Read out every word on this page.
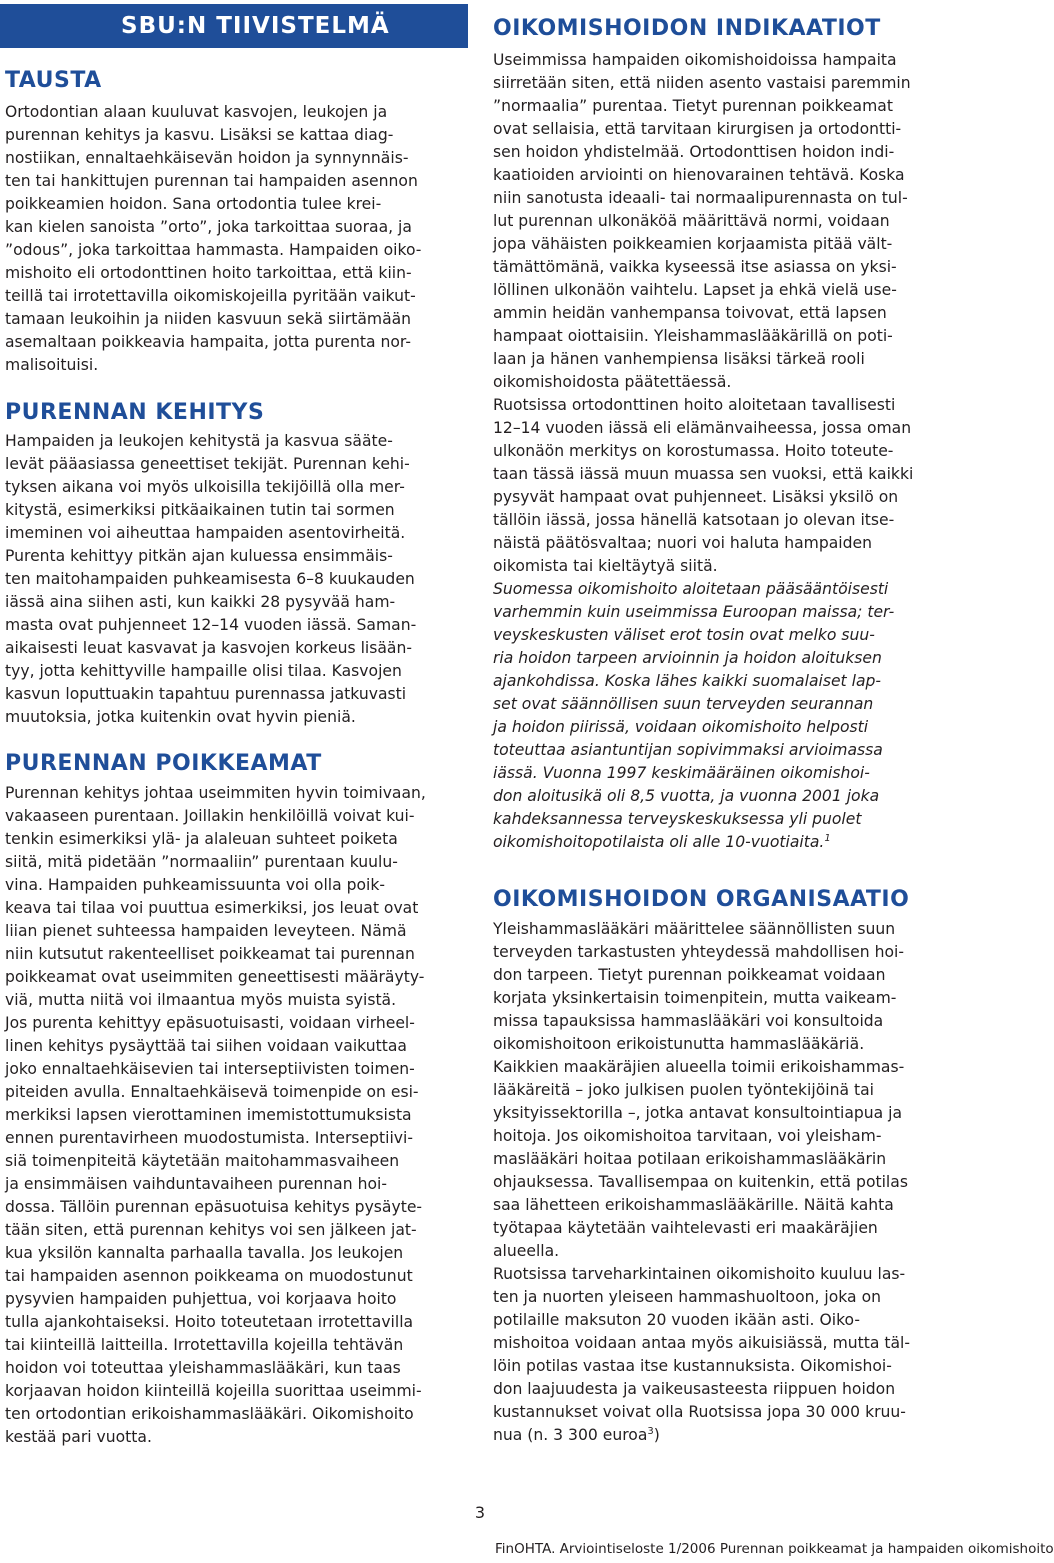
SBU:N TIIVISTELMÄ
TAUSTA

Ortodontian alaan kuuluvat kasvojen, leukojen ja
purennan kehitys ja kasvu. Lisäksi se kattaa diag-
nostiikan, ennaltaehkäisevän hoidon ja synnynnäis-
ten tai hankittujen purennan tai hampaiden asennon
poikkeamien hoidon. Sana ortodontia tulee krei-
kan kielen sanoista ”orto”, joka tarkoittaa suoraa, ja
”odous”, joka tarkoittaa hammasta. Hampaiden oiko-
mishoito eli ortodonttinen hoito tarkoittaa, että kiin-
teillä tai irrotettavilla oikomiskojeilla pyritään vaikut-
tamaan leukoihin ja niiden kasvuun sekä siirtämään
asemaltaan poikkeavia hampaita, jotta purenta nor-
malisoituisi.

PURENNAN KEHITYS

Hampaiden ja leukojen kehitystä ja kasvua sääte-
levät pääasiassa geneettiset tekijät. Purennan kehi-
tyksen aikana voi myös ulkoisilla tekijöillä olla mer-
kitystä, esimerkiksi pitkäaikainen tutin tai sormen
imeminen voi aiheuttaa hampaiden asentovirheitä.
Purenta kehittyy pitkän ajan kuluessa ensimmäis-
ten maitohampaiden puhkeamisesta 6–8 kuukauden
iässä aina siihen asti, kun kaikki 28 pysyvää ham-
masta ovat puhjenneet 12–14 vuoden iässä. Saman-
aikaisesti leuat kasvavat ja kasvojen korkeus lisään-
tyy, jotta kehittyville hampaille olisi tilaa. Kasvojen
kasvun loputtuakin tapahtuu purennassa jatkuvasti
muutoksia, jotka kuitenkin ovat hyvin pieniä.

PURENNAN POIKKEAMAT

Purennan kehitys johtaa useimmiten hyvin toimivaan,
vakaaseen purentaan. Joillakin henkilöillä voivat kui-
tenkin esimerkiksi ylä- ja alaleuan suhteet poiketa
siitä, mitä pidetään ”normaaliin” purentaan kuulu-
vina. Hampaiden puhkeamissuunta voi olla poik-
keava tai tilaa voi puuttua esimerkiksi, jos leuat ovat
liian pienet suhteessa hampaiden leveyteen. Nämä
niin kutsutut rakenteelliset poikkeamat tai purennan
poikkeamat ovat useimmiten geneettisesti määräyty-
viä, mutta niitä voi ilmaantua myös muista syistä.
Jos purenta kehittyy epäsuotuisasti, voidaan virheel-
linen kehitys pysäyttää tai siihen voidaan vaikuttaa
joko ennaltaehkäisevien tai interseptiivisten toimen-
piteiden avulla. Ennaltaehkäisevä toimenpide on esi-
merkiksi lapsen vierottaminen imemistottumuksista
ennen purentavirheen muodostumista. Interseptiivi-
siä toimenpiteitä käytetään maitohammasvaiheen
ja ensimmäisen vaihduntavaiheen purennan hoi-
dossa. Tällöin purennan epäsuotuisa kehitys pysäyte-
tään siten, että purennan kehitys voi sen jälkeen jat-
kua yksilön kannalta parhaalla tavalla. Jos leukojen
tai hampaiden asennon poikkeama on muodostunut
pysyvien hampaiden puhjettua, voi korjaava hoito
tulla ajankohtaiseksi. Hoito toteutetaan irrotettavilla
tai kiinteillä laitteilla. Irrotettavilla kojeilla tehtävän
hoidon voi toteuttaa yleishammaslääkäri, kun taas
korjaavan hoidon kiinteillä kojeilla suorittaa useimmi-
ten ortodontian erikoishammaslääkäri. Oikomishoito
kestää pari vuotta.

OIKOMISHOIDON INDIKAATIOT

Useimmissa hampaiden oikomishoidoissa hampaita
siirretään siten, että niiden asento vastaisi paremmin
”normaalia” purentaa. Tietyt purennan poikkeamat
ovat sellaisia, että tarvitaan kirurgisen ja ortodontti-
sen hoidon yhdistelmää. Ortodonttisen hoidon indi-
kaatioiden arviointi on hienovarainen tehtävä. Koska
niin sanotusta ideaali- tai normaalipurennasta on tul-
lut purennan ulkonäköä määrittävä normi, voidaan
jopa vähäisten poikkeamien korjaamista pitää vält-
tämättömänä, vaikka kyseessä itse asiassa on yksi-
löllinen ulkonäön vaihtelu. Lapset ja ehkä vielä use-
ammin heidän vanhempansa toivovat, että lapsen
hampaat oiottaisiin. Yleishammaslääkärillä on poti-
laan ja hänen vanhempiensa lisäksi tärkeä rooli
oikomishoidosta päätettäessä.
Ruotsissa ortodonttinen hoito aloitetaan tavallisesti
12–14 vuoden iässä eli elämänvaiheessa, jossa oman
ulkonäön merkitys on korostumassa. Hoito toteute-
taan tässä iässä muun muassa sen vuoksi, että kaikki
pysyvät hampaat ovat puhjenneet. Lisäksi yksilö on
tällöin iässä, jossa hänellä katsotaan jo olevan itse-
näistä päätösvaltaa; nuori voi haluta hampaiden
oikomista tai kieltäytyä siitä.

Suomessa oikomishoito aloitetaan pääsääntöisesti
varhemmin kuin useimmissa Euroopan maissa; ter-
veyskeskusten väliset erot tosin ovat melko suu-
ria hoidon tarpeen arvioinnin ja hoidon aloituksen
ajankohdissa. Koska lähes kaikki suomalaiset lap-
set ovat säännöllisen suun terveyden seurannan
ja hoidon piirissä, voidaan oikomishoito helposti
toteuttaa asiantuntijan sopivimmaksi arvioimassa
iässä. Vuonna 1997 keskimääräinen oikomishoi-
don aloitusikä oli 8,5 vuotta, ja vuonna 2001 joka
kahdeksannessa terveyskeskuksessa yli puolet
oikomishoitopotilaista oli alle 10-vuotiaita.$^1$

OIKOMISHOIDON ORGANISAATIO

Yleishammaslääkäri määrittelee säännöllisten suun
terveyden tarkastusten yhteydessä mahdollisen hoi-
don tarpeen. Tietyt purennan poikkeamat voidaan
korjata yksinkertaisin toimenpitein, mutta vaikeam-
missa tapauksissa hammaslääkäri voi konsultoida
oikomishoitoon erikoistunutta hammaslääkäriä.
Kaikkien maakäräjien alueella toimii erikoishammas-
lääkäreitä – joko julkisen puolen työntekijöinä tai
yksityissektorilla –, jotka antavat konsultointiapua ja
hoitoja. Jos oikomishoitoa tarvitaan, voi yleisham-
maslääkäri hoitaa potilaan erikoishammaslääkärin
ohjauksessa. Tavallisempaa on kuitenkin, että potilas
saa lähetteen erikoishammaslääkärille. Näitä kahta
työtapaa käytetään vaihtelevasti eri maakäräjien
alueella.
Ruotsissa tarveharkintainen oikomishoito kuuluu las-
ten ja nuorten yleiseen hammashuoltoon, joka on
potilaille maksuton 20 vuoden ikään asti. Oiko-
mishoitoa voidaan antaa myös aikuisiässä, mutta täl-
löin potilas vastaa itse kustannuksista. Oikomishoi-
don laajuudesta ja vaikeusasteesta riippuen hoidon
kustannukset voivat olla Ruotsissa jopa 30 000 kruu-
nua (n. 3 300 euroa$^3$)

3
FinOHTA. Arviointiseloste 1/2006 Purennan poikkeamat ja hampaiden oikomishoito
